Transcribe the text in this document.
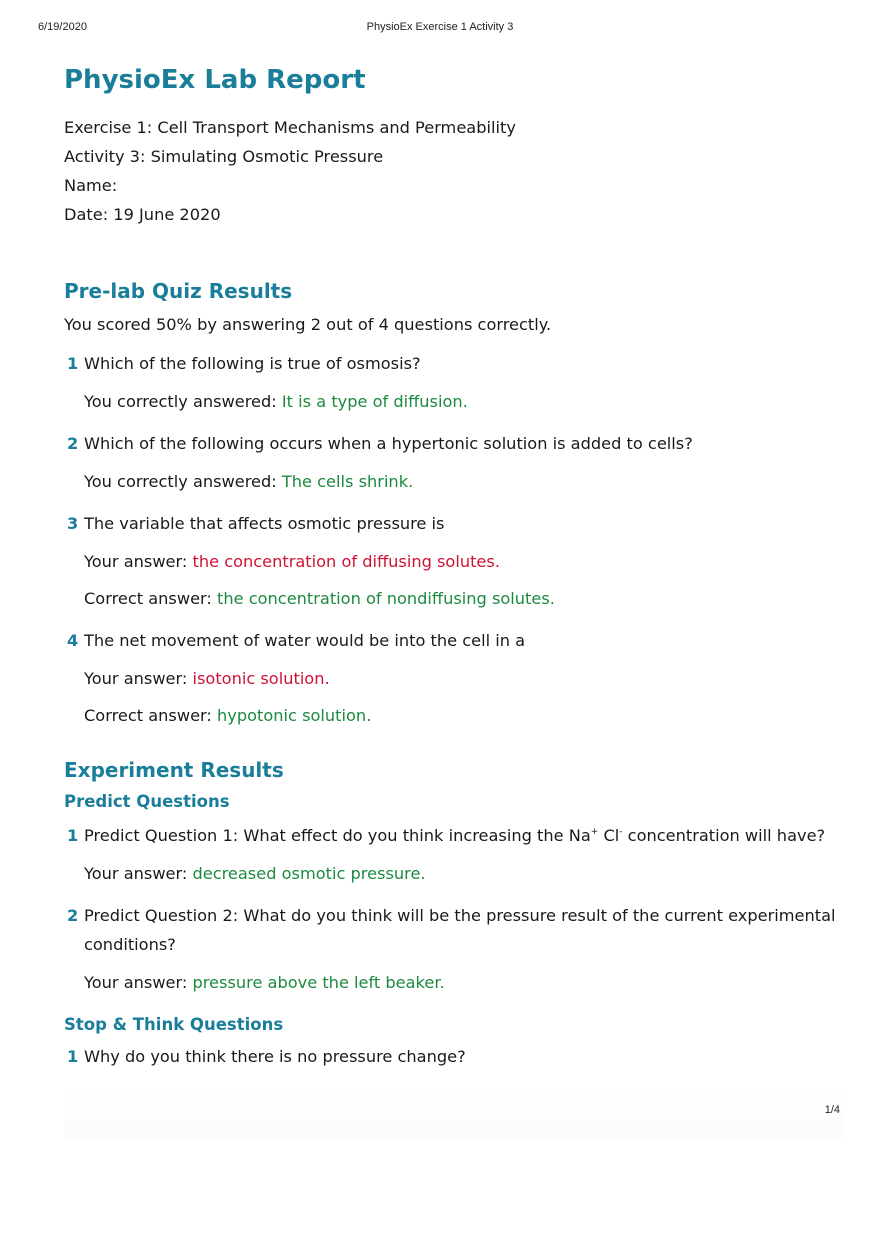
6/19/2020	PhysioEx Exercise 1 Activity 3
PhysioEx Lab Report
Exercise 1: Cell Transport Mechanisms and Permeability
Activity 3: Simulating Osmotic Pressure
Name:
Date: 19 June 2020
Pre-lab Quiz Results
You scored 50% by answering 2 out of 4 questions correctly.
1 Which of the following is true of osmosis?

You correctly answered: It is a type of diffusion.
2 Which of the following occurs when a hypertonic solution is added to cells?

You correctly answered: The cells shrink.
3 The variable that affects osmotic pressure is

Your answer: the concentration of diffusing solutes.
Correct answer: the concentration of nondiffusing solutes.
4 The net movement of water would be into the cell in a

Your answer: isotonic solution.
Correct answer: hypotonic solution.
Experiment Results
Predict Questions
1 Predict Question 1: What effect do you think increasing the Na+ Cl- concentration will have?

Your answer: decreased osmotic pressure.
2 Predict Question 2: What do you think will be the pressure result of the current experimental conditions?

Your answer: pressure above the left beaker.
Stop & Think Questions
1 Why do you think there is no pressure change?

1/4
